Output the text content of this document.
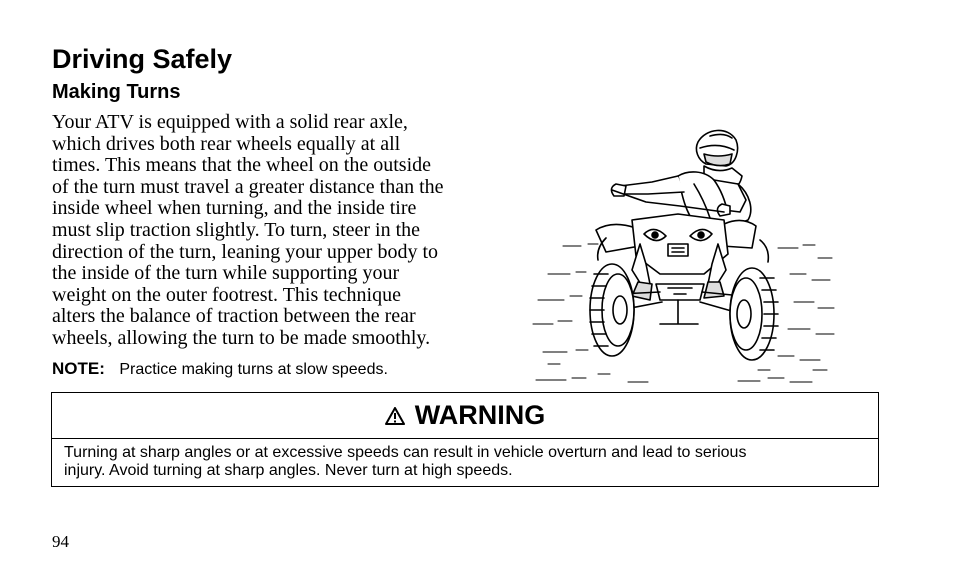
Driving Safely
Making Turns
Your ATV is equipped with a solid rear axle,
which drives both rear wheels equally at all
times. This means that the wheel on the outside
of the turn must travel a greater distance than the
inside wheel when turning, and the inside tire
must slip traction slightly. To turn, steer in the
direction of the turn, leaning your upper body to
the inside of the turn while supporting your
weight on the outer footrest. This technique
alters the balance of traction between the rear
wheels, allowing the turn to be made smoothly.
NOTE: Practice making turns at slow speeds.
WARNING
Turning at sharp angles or at excessive speeds can result in vehicle overturn and lead to serious
injury. Avoid turning at sharp angles. Never turn at high speeds.
94
